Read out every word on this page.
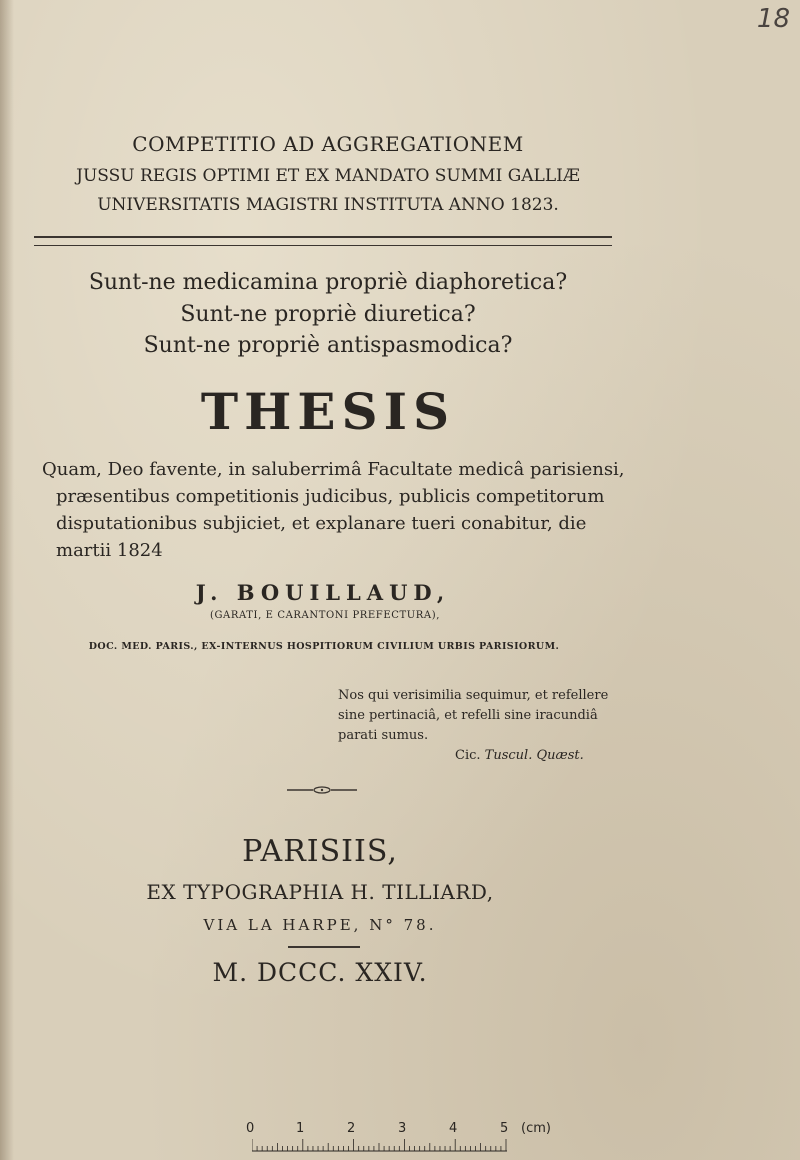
18
COMPETITIO AD AGGREGATIONEM
JUSSU REGIS OPTIMI ET EX MANDATO SUMMI GALLIÆ
UNIVERSITATIS MAGISTRI INSTITUTA ANNO 1823.
Sunt-ne medicamina propriè diaphoretica?
Sunt-ne propriè diuretica?
Sunt-ne propriè antispasmodica?
THESIS
Quam, Deo favente, in saluberrimâ Facultate medicâ parisiensi,
præsentibus competitionis judicibus, publicis competitorum
disputationibus subjiciet, et explanare tueri conabitur, die
martii 1824
J. BOUILLAUD,
(GARATI, E CARANTONI PREFECTURA),
DOC. MED. PARIS., EX-INTERNUS HOSPITIORUM CIVILIUM URBIS PARISIORUM.
Nos qui verisimilia sequimur, et refellere
sine pertinaciâ, et refelli sine iracundiâ
parati sumus.
Cic. Tuscul. Quæst.
PARISIIS,
EX TYPOGRAPHIA H. TILLIARD,
VIA LA HARPE, N° 78.
M. DCCC. XXIV.
0	1	2	3	4	5 (cm)
